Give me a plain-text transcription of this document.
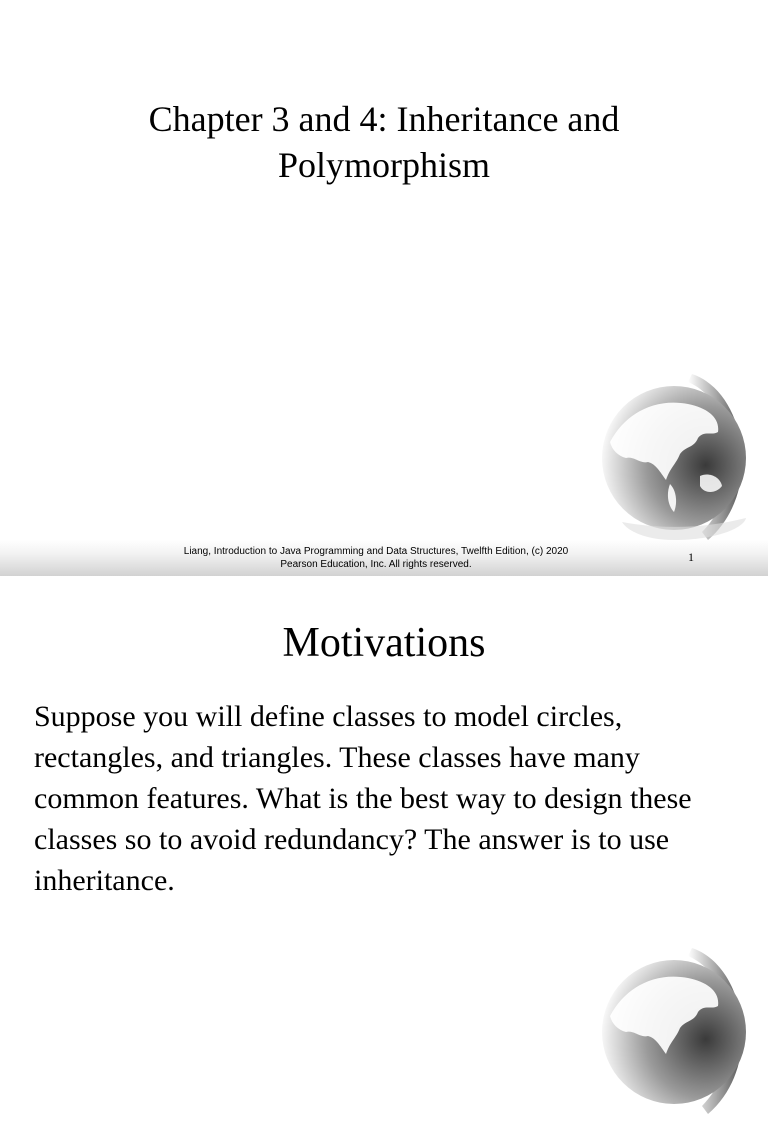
Chapter 3 and 4: Inheritance and
Polymorphism
Liang, Introduction to Java Programming and Data Structures, Twelfth Edition, (c) 2020
Pearson Education, Inc. All rights reserved.
1
Motivations
Suppose you will define classes to model circles, rectangles, and triangles. These classes have many common features. What is the best way to design these classes so to avoid redundancy? The answer is to use inheritance.
